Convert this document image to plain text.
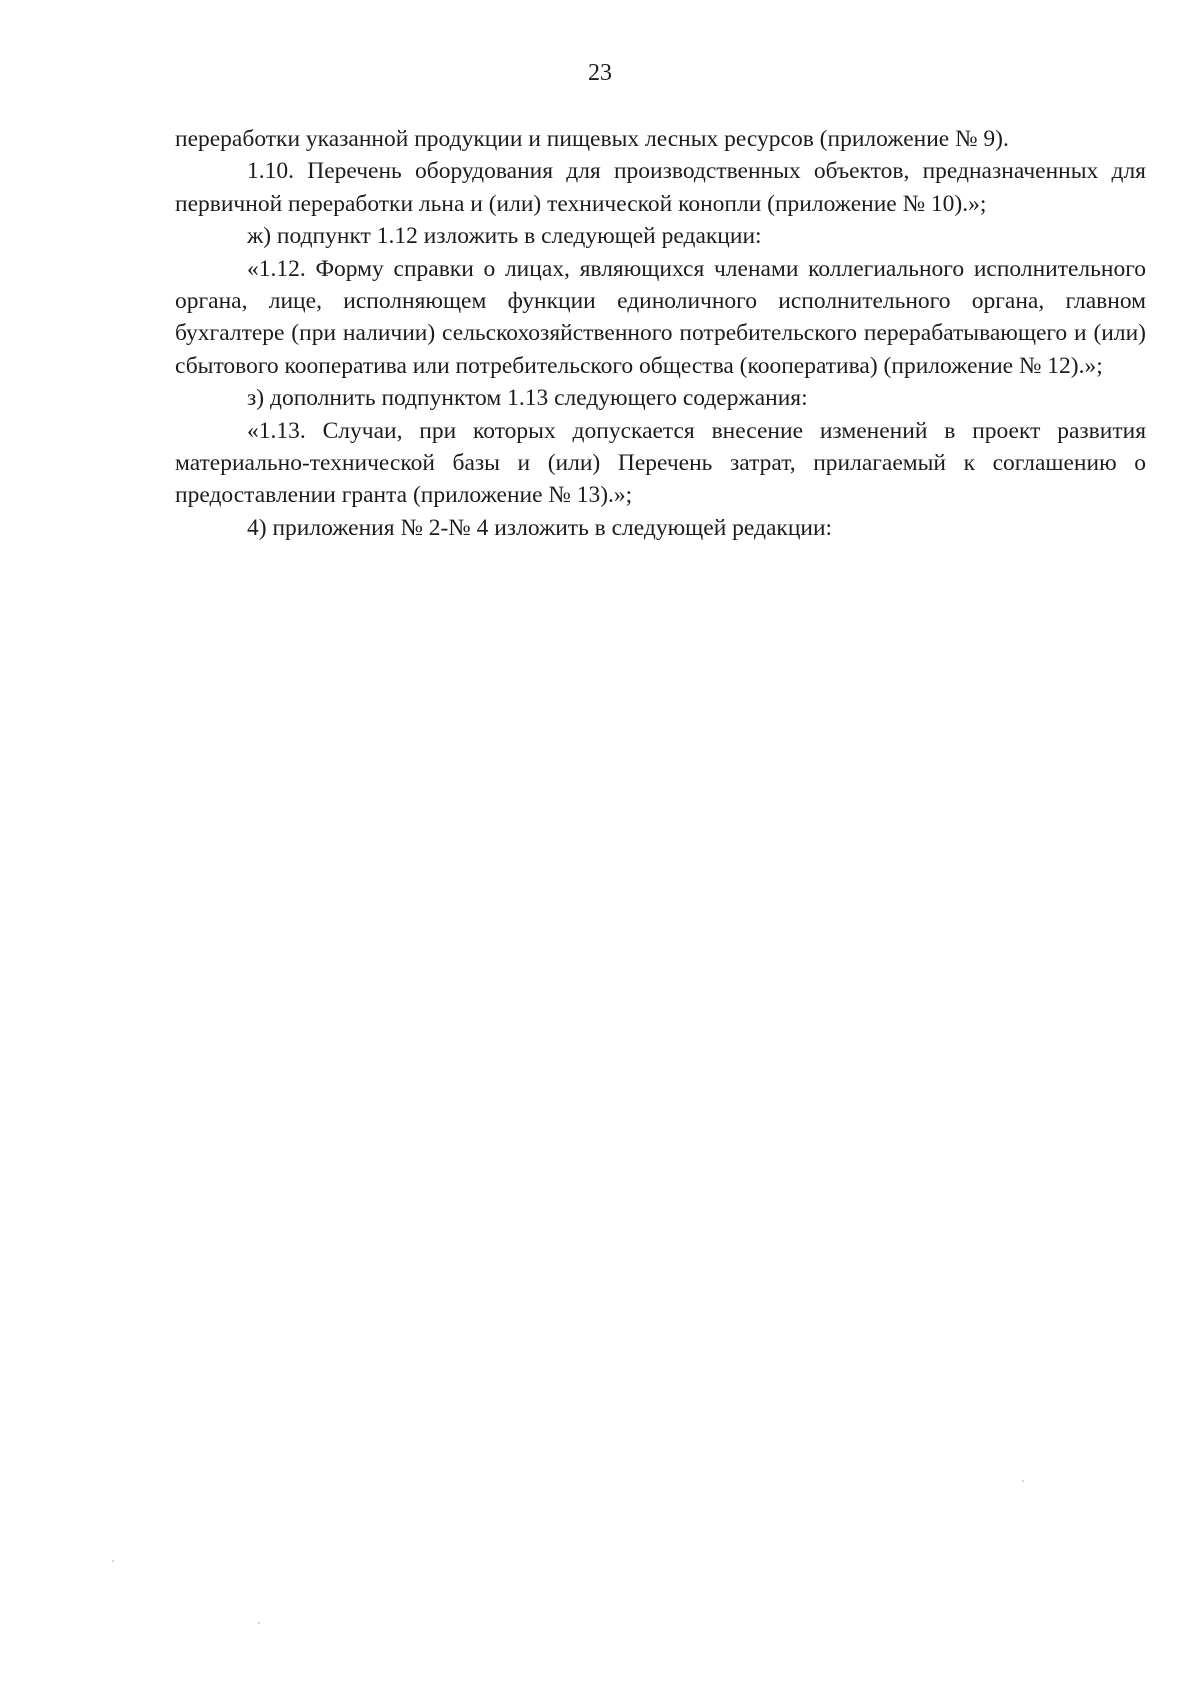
23

переработки указанной продукции и пищевых лесных ресурсов (приложение № 9).

1.10. Перечень оборудования для производственных объектов, предназначенных для первичной переработки льна и (или) технической конопли (приложение № 10).»;

ж) подпункт 1.12 изложить в следующей редакции:

«1.12. Форму справки о лицах, являющихся членами коллегиального исполнительного органа, лице, исполняющем функции единоличного исполнительного органа, главном бухгалтере (при наличии) сельскохозяйственного потребительского перерабатывающего и (или) сбытового кооператива или потребительского общества (кооператива) (приложение № 12).»;

з) дополнить подпунктом 1.13 следующего содержания:

«1.13. Случаи, при которых допускается внесение изменений в проект развития материально-технической базы и (или) Перечень затрат, прилагаемый к соглашению о предоставлении гранта (приложение № 13).»;

4) приложения № 2-№ 4 изложить в следующей редакции:
